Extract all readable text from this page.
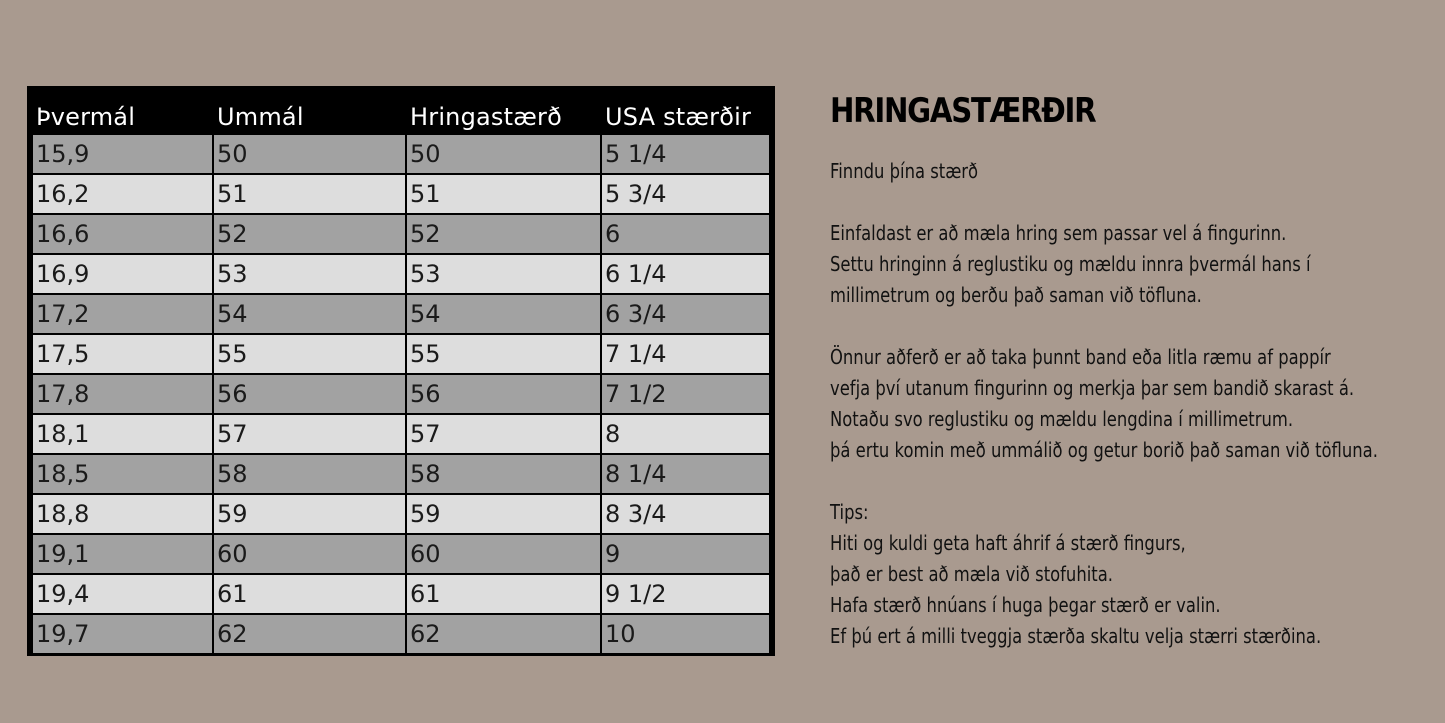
Þvermál	Ummál	Hringastærð	USA stærðir
15,9	50	50	5 1/4
16,2	51	51	5 3/4
16,6	52	52	6
16,9	53	53	6 1/4
17,2	54	54	6 3/4
17,5	55	55	7 1/4
17,8	56	56	7 1/2
18,1	57	57	8
18,5	58	58	8 1/4
18,8	59	59	8 3/4
19,1	60	60	9
19,4	61	61	9 1/2
19,7	62	62	10
HRINGASTÆRÐIR
Finndu þína stærð
Einfaldast er að mæla hring sem passar vel á fingurinn.
Settu hringinn á reglustiku og mældu innra þvermál hans í
millimetrum og berðu það saman við töfluna.
Önnur aðferð er að taka þunnt band eða litla ræmu af pappír
vefja því utanum fingurinn og merkja þar sem bandið skarast á.
Notaðu svo reglustiku og mældu lengdina í millimetrum.
þá ertu komin með ummálið og getur borið það saman við töfluna.
Tips:
Hiti og kuldi geta haft áhrif á stærð fingurs,
það er best að mæla við stofuhita.
Hafa stærð hnúans í huga þegar stærð er valin.
Ef þú ert á milli tveggja stærða skaltu velja stærri stærðina.
